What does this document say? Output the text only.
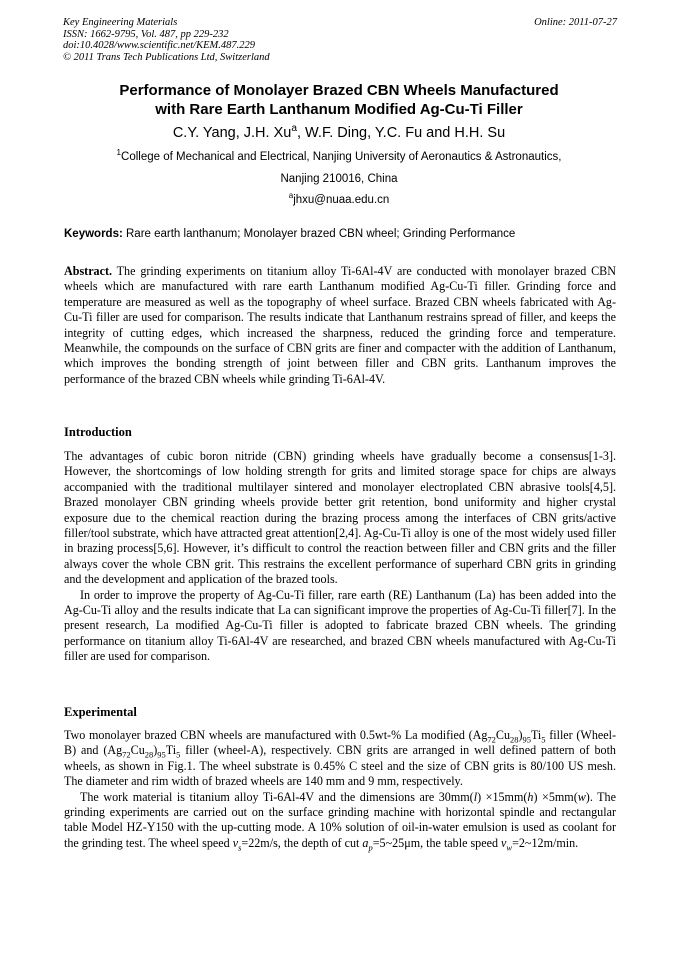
Key Engineering Materials
ISSN: 1662-9795, Vol. 487, pp 229-232
doi:10.4028/www.scientific.net/KEM.487.229
© 2011 Trans Tech Publications Ltd, Switzerland
Online: 2011-07-27
Performance of Monolayer Brazed CBN Wheels Manufactured
with Rare Earth Lanthanum Modified Ag-Cu-Ti Filler
C.Y. Yang, J.H. Xu$^a$, W.F. Ding, Y.C. Fu and H.H. Su
$^1$College of Mechanical and Electrical, Nanjing University of Aeronautics & Astronautics,
Nanjing 210016, China
$^a$jhxu@nuaa.edu.cn
Keywords: Rare earth lanthanum; Monolayer brazed CBN wheel; Grinding Performance

Abstract. The grinding experiments on titanium alloy Ti-6Al-4V are conducted with monolayer brazed CBN wheels which are manufactured with rare earth Lanthanum modified Ag-Cu-Ti filler. Grinding force and temperature are measured as well as the topography of wheel surface. Brazed CBN wheels fabricated with Ag-Cu-Ti filler are used for comparison. The results indicate that Lanthanum restrains spread of filler, and keeps the integrity of cutting edges, which increased the sharpness, reduced the grinding force and temperature. Meanwhile, the compounds on the surface of CBN grits are finer and compacter with the addition of Lanthanum, which improves the bonding strength of joint between filler and CBN grits. Lanthanum improves the performance of the brazed CBN wheels while grinding Ti-6Al-4V.

Introduction

The advantages of cubic boron nitride (CBN) grinding wheels have gradually become a consensus[1-3]. However, the shortcomings of low holding strength for grits and limited storage space for chips are always accompanied with the traditional multilayer sintered and monolayer electroplated CBN abrasive tools[4,5]. Brazed monolayer CBN grinding wheels provide better grit retention, bond uniformity and higher crystal exposure due to the chemical reaction during the brazing process among the interfaces of CBN grits/active filler/tool substrate, which have attracted great attention[2,4]. Ag-Cu-Ti alloy is one of the most widely used filler in brazing process[5,6]. However, it’s difficult to control the reaction between filler and CBN grits and the filler always cover the whole CBN grit. This restrains the excellent performance of superhard CBN grits in grinding and the development and application of the brazed tools.

In order to improve the property of Ag-Cu-Ti filler, rare earth (RE) Lanthanum (La) has been added into the Ag-Cu-Ti alloy and the results indicate that La can significant improve the properties of Ag-Cu-Ti filler[7]. In the present research, La modified Ag-Cu-Ti filler is adopted to fabricate brazed CBN wheels. The grinding performance on titanium alloy Ti-6Al-4V are researched, and brazed CBN wheels manufactured with Ag-Cu-Ti filler are used for comparison.

Experimental

Two monolayer brazed CBN wheels are manufactured with 0.5wt-% La modified $(Ag_{72}Cu_{28})_{95}Ti_5$ filler (Wheel-B) and $(Ag_{72}Cu_{28})_{95}Ti_5$ filler (wheel-A), respectively. CBN grits are arranged in well defined pattern of both wheels, as shown in Fig.1. The wheel substrate is 0.45% C steel and the size of CBN grits is 80/100 US mesh. The diameter and rim width of brazed wheels are 140 mm and 9 mm, respectively.

The work material is titanium alloy Ti-6Al-4V and the dimensions are 30mm(l) ×15mm(h) ×5mm(w). The grinding experiments are carried out on the surface grinding machine with horizontal spindle and rectangular table Model HZ-Y150 with the up-cutting mode. A 10% solution of oil-in-water emulsion is used as coolant for the grinding test. The wheel speed $v_s=22m/s$, the depth of cut $a_p=5\sim 25\mu m$, the table speed $v_w=2\sim 12m/\min$.
